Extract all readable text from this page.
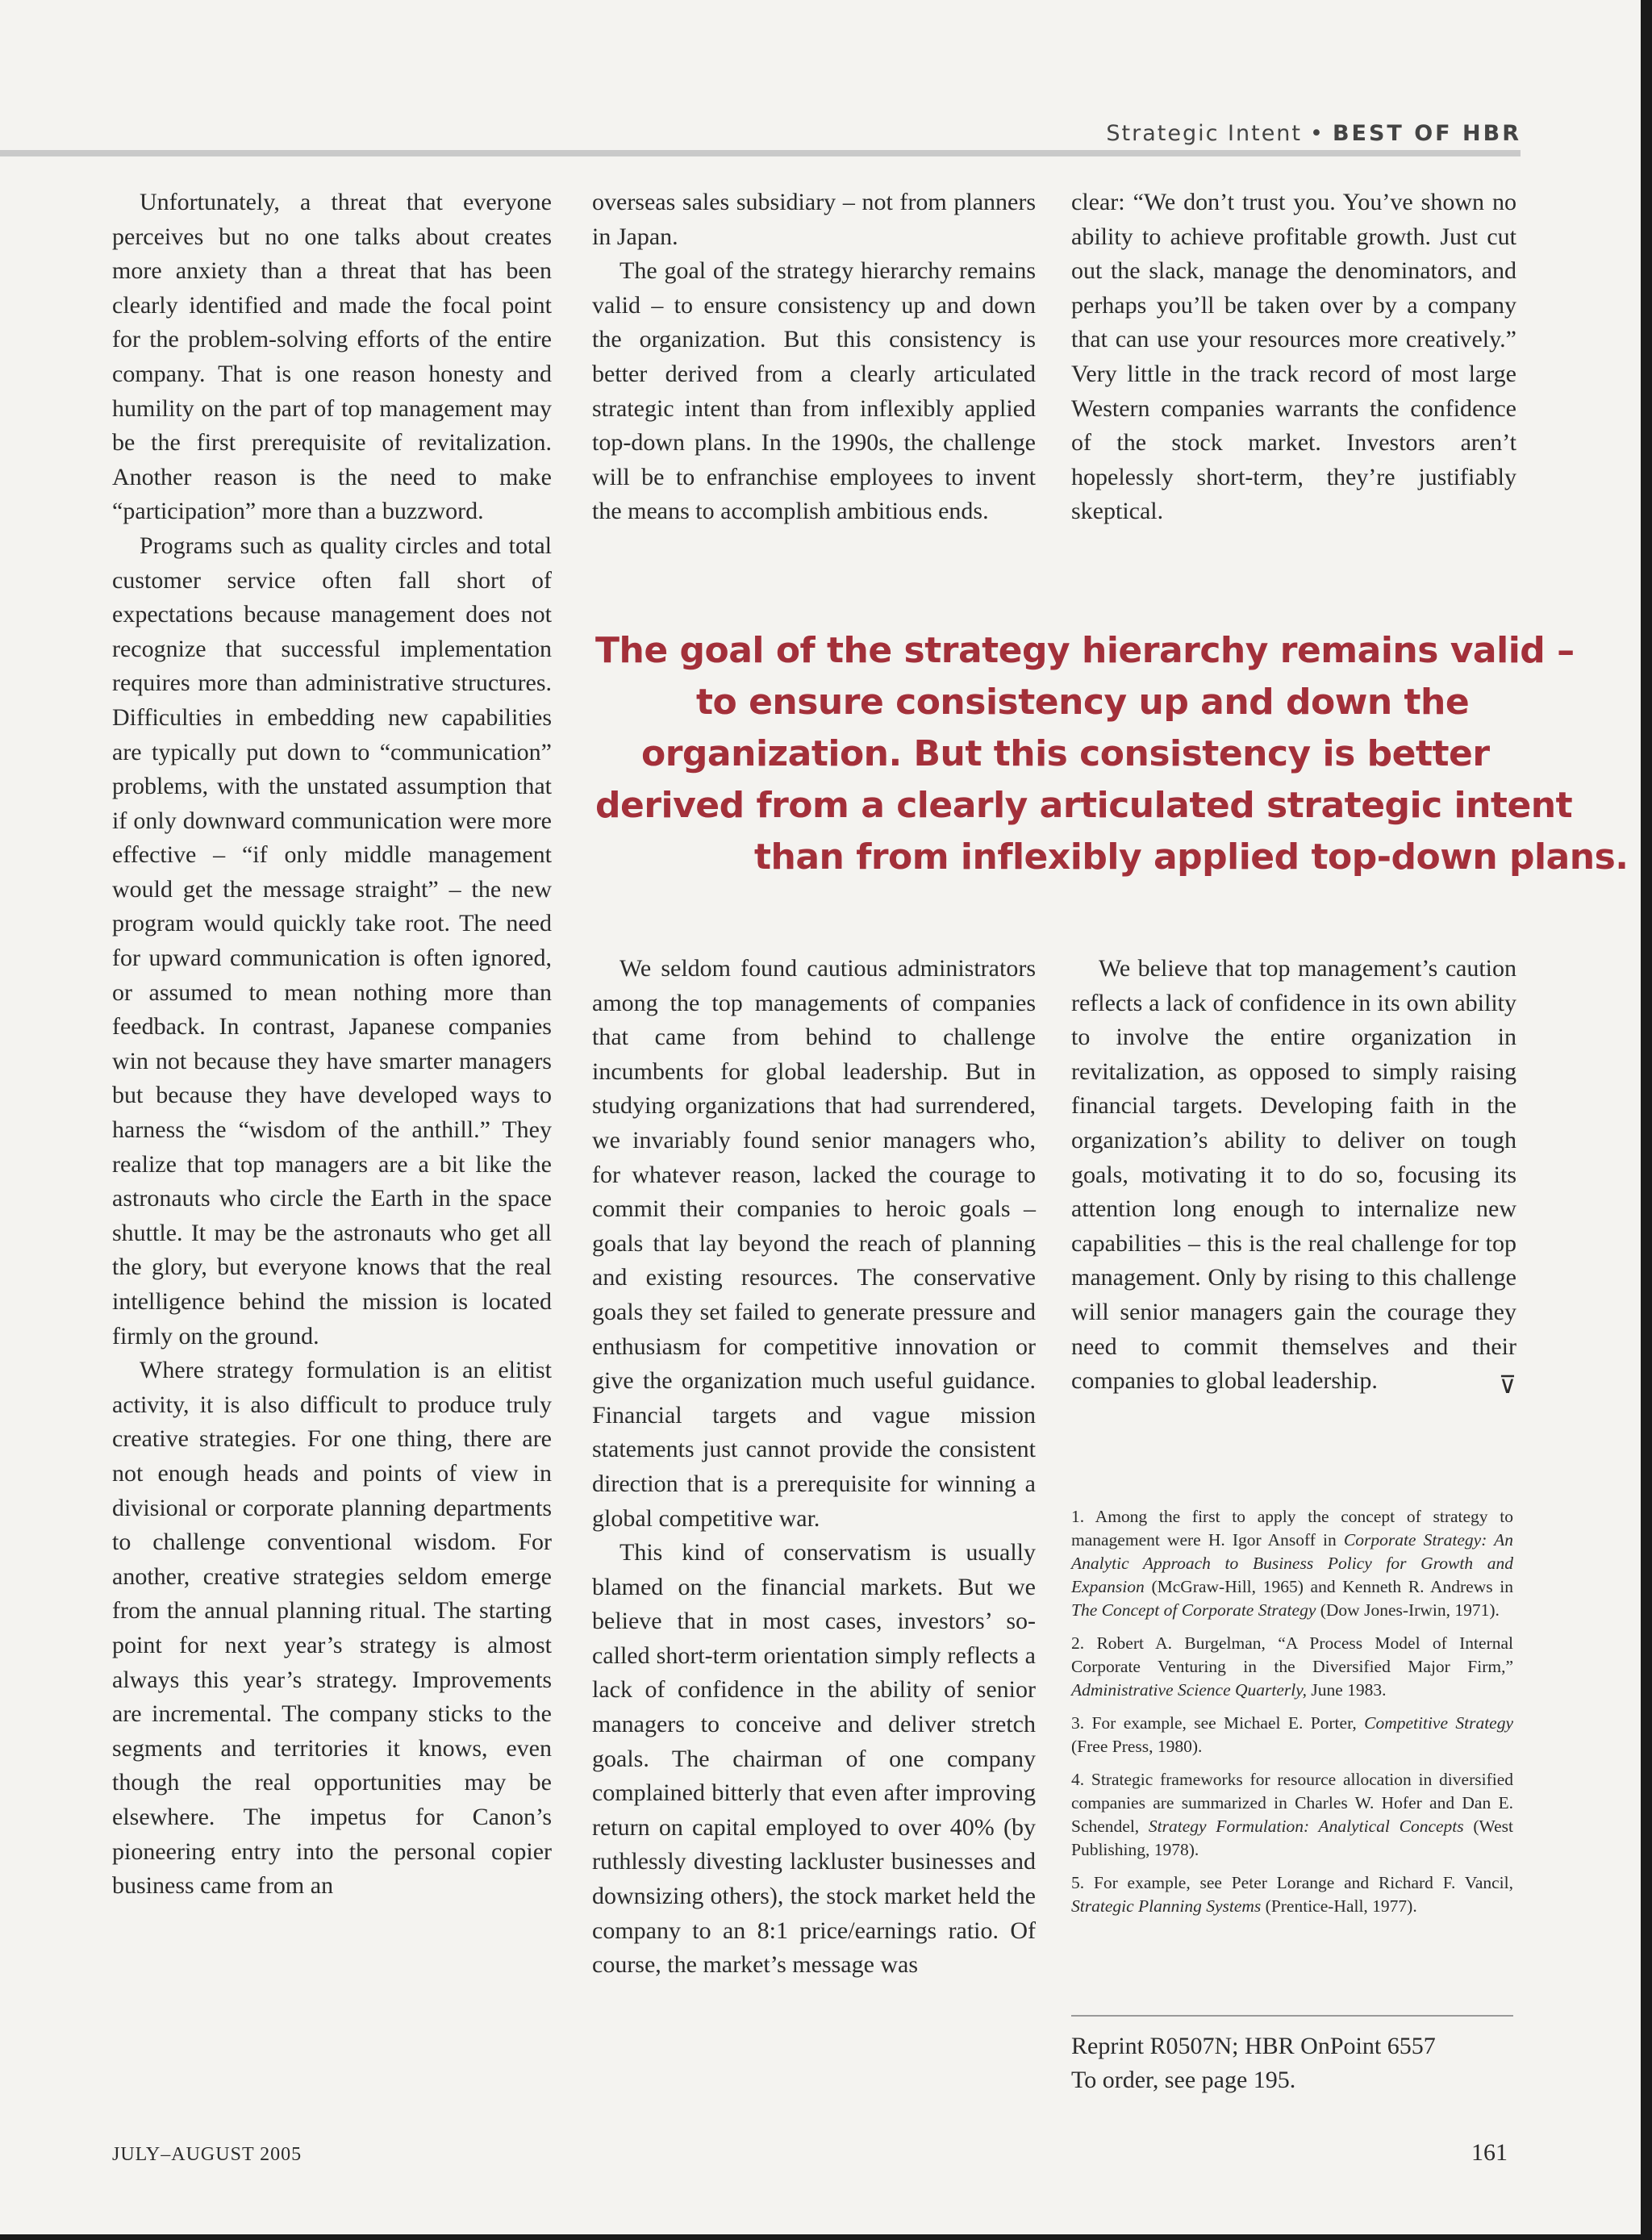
Strategic Intent • BEST OF HBR

Unfortunately, a threat that everyone perceives but no one talks about creates more anxiety than a threat that has been clearly identified and made the focal point for the problem-solving efforts of the entire company. That is one reason honesty and humility on the part of top management may be the first prerequisite of revitalization. Another reason is the need to make “participation” more than a buzzword.

Programs such as quality circles and total customer service often fall short of expectations because management does not recognize that successful implementation requires more than administrative structures. Difficulties in embedding new capabilities are typically put down to “communication” problems, with the unstated assumption that if only downward communication were more effective – “if only middle management would get the message straight” – the new program would quickly take root. The need for upward communication is often ignored, or assumed to mean nothing more than feedback. In contrast, Japanese companies win not because they have smarter managers but because they have developed ways to harness the “wisdom of the anthill.” They realize that top managers are a bit like the astronauts who circle the Earth in the space shuttle. It may be the astronauts who get all the glory, but everyone knows that the real intelligence behind the mission is located firmly on the ground.

Where strategy formulation is an elitist activity, it is also difficult to produce truly creative strategies. For one thing, there are not enough heads and points of view in divisional or corporate planning departments to challenge conventional wisdom. For another, creative strategies seldom emerge from the annual planning ritual. The starting point for next year’s strategy is almost always this year’s strategy. Improvements are incremental. The company sticks to the segments and territories it knows, even though the real opportunities may be elsewhere. The impetus for Canon’s pioneering entry into the personal copier business came from an

overseas sales subsidiary – not from planners in Japan.

The goal of the strategy hierarchy remains valid – to ensure consistency up and down the organization. But this consistency is better derived from a clearly articulated strategic intent than from inflexibly applied top-down plans. In the 1990s, the challenge will be to enfranchise employees to invent the means to accomplish ambitious ends.

clear: “We don’t trust you. You’ve shown no ability to achieve profitable growth. Just cut out the slack, manage the denominators, and perhaps you’ll be taken over by a company that can use your resources more creatively.” Very little in the track record of most large Western companies warrants the confidence of the stock market. Investors aren’t hopelessly short-term, they’re justifiably skeptical.

The goal of the strategy hierarchy remains valid –
to ensure consistency up and down the
organization. But this consistency is better
derived from a clearly articulated strategic intent
than from inflexibly applied top-down plans.

We seldom found cautious administrators among the top managements of companies that came from behind to challenge incumbents for global leadership. But in studying organizations that had surrendered, we invariably found senior managers who, for whatever reason, lacked the courage to commit their companies to heroic goals – goals that lay beyond the reach of planning and existing resources. The conservative goals they set failed to generate pressure and enthusiasm for competitive innovation or give the organization much useful guidance. Financial targets and vague mission statements just cannot provide the consistent direction that is a prerequisite for winning a global competitive war.

This kind of conservatism is usually blamed on the financial markets. But we believe that in most cases, investors’ so-called short-term orientation simply reflects a lack of confidence in the ability of senior managers to conceive and deliver stretch goals. The chairman of one company complained bitterly that even after improving return on capital employed to over 40% (by ruthlessly divesting lackluster businesses and downsizing others), the stock market held the company to an 8:1 price/earnings ratio. Of course, the market’s message was

We believe that top management’s caution reflects a lack of confidence in its own ability to involve the entire organization in revitalization, as opposed to simply raising financial targets. Developing faith in the organization’s ability to deliver on tough goals, motivating it to do so, focusing its attention long enough to internalize new capabilities – this is the real challenge for top management. Only by rising to this challenge will senior managers gain the courage they need to commit themselves and their companies to global leadership.	⊽

1. Among the first to apply the concept of strategy to management were H. Igor Ansoff in Corporate Strategy: An Analytic Approach to Business Policy for Growth and Expansion (McGraw-Hill, 1965) and Kenneth R. Andrews in The Concept of Corporate Strategy (Dow Jones-Irwin, 1971).

2. Robert A. Burgelman, “A Process Model of Internal Corporate Venturing in the Diversified Major Firm,” Administrative Science Quarterly, June 1983.

3. For example, see Michael E. Porter, Competitive Strategy (Free Press, 1980).

4. Strategic frameworks for resource allocation in diversified companies are summarized in Charles W. Hofer and Dan E. Schendel, Strategy Formulation: Analytical Concepts (West Publishing, 1978).

5. For example, see Peter Lorange and Richard F. Vancil, Strategic Planning Systems (Prentice-Hall, 1977).

Reprint R0507N; HBR OnPoint 6557
To order, see page 195.
JULY–AUGUST 2005	161
